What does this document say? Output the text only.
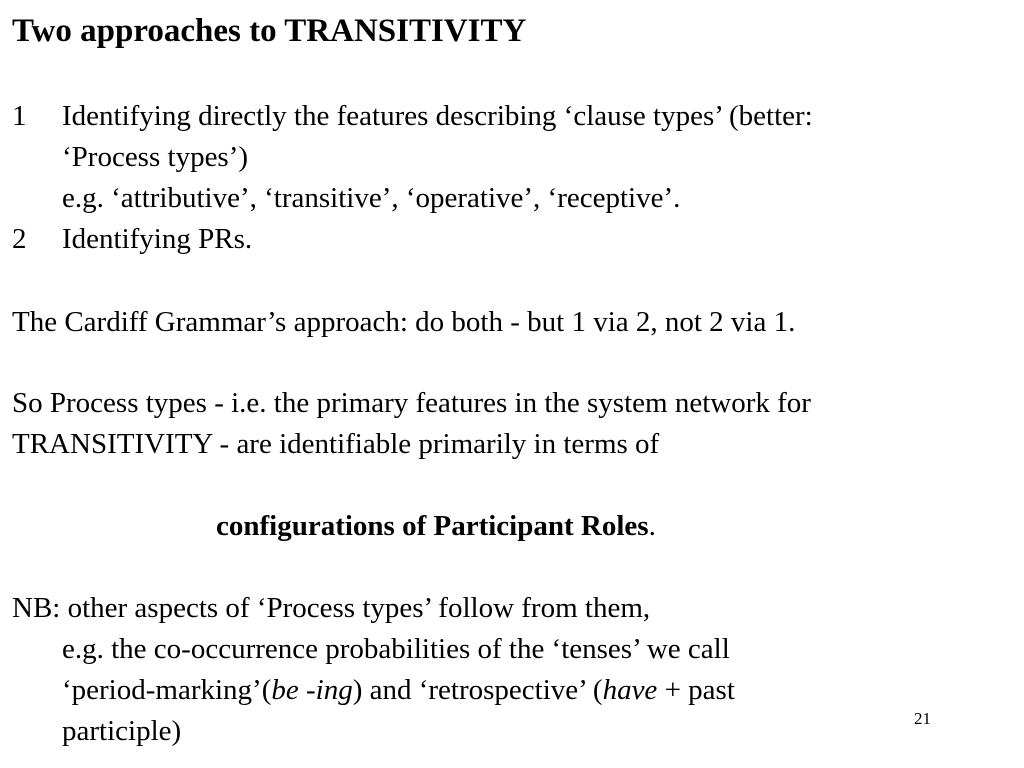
Two approaches to TRANSITIVITY
1 Identifying directly the features describing ‘clause types’ (better:
‘Process types’)
e.g. ‘attributive’, ‘transitive’, ‘operative’, ‘receptive’.
2 Identifying PRs.
The Cardiff Grammar’s approach: do both - but 1 via 2, not 2 via 1.
So Process types - i.e. the primary features in the system network for
TRANSITIVITY - are identifiable primarily in terms of
configurations of Participant Roles.
NB: other aspects of ‘Process types’ follow from them,
e.g. the co-occurrence probabilities of the ‘tenses’ we call
‘period-marking’(be -ing) and ‘retrospective’ (have + past
participle)	21
